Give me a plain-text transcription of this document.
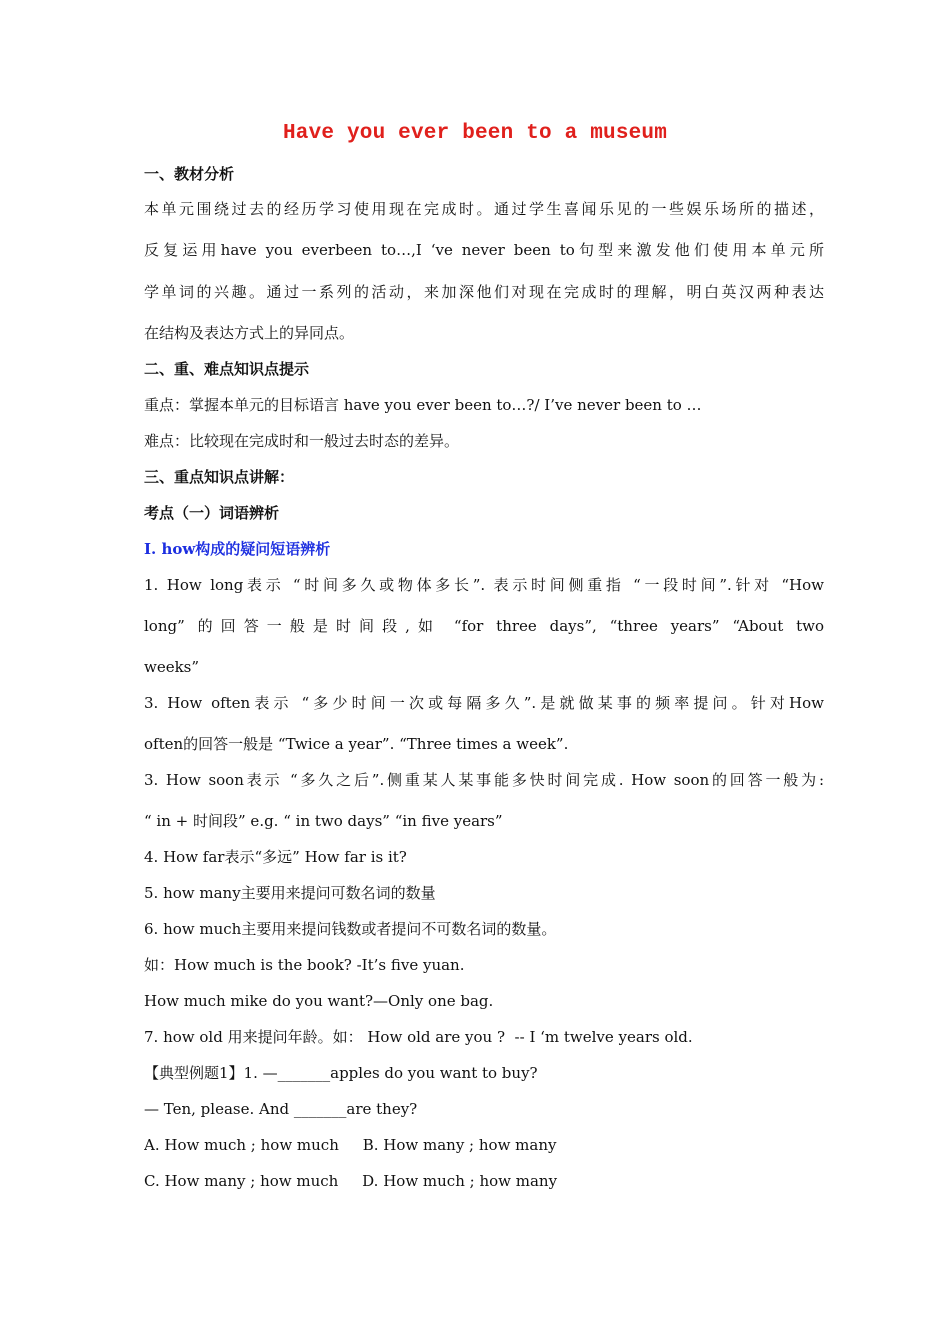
Have you ever been to a museum
一、教材分析
本单元围绕过去的经历学习使用现在完成时。通过学生喜闻乐见的一些娱乐场所的描述，
反复运用have you everbeen to…,I ‘ve never been to句型来激发他们使用本单元所
学单词的兴趣。通过一系列的活动，来加深他们对现在完成时的理解，明白英汉两种表达
在结构及表达方式上的异同点。
二、重、难点知识点提示
重点：掌握本单元的目标语言 have you ever been to…?/ I’ve never been to …
难点：比较现在完成时和一般过去时态的差异。
三、重点知识点讲解：
考点（一）词语辨析
Ⅰ. how构成的疑问短语辨析
1. How long表示 “时间多久或物体多长”. 表示时间侧重指 “一段时间”.针对 “How
long” 的回答一般是时间段,如 “for three days”, “three years” “About two
weeks”
3. How often表示 “多少时间一次或每隔多久”.是就做某事的频率提问。针对How
often的回答一般是 “Twice a year”. “Three times a week”.
3. How soon表示 “多久之后”.侧重某人某事能多快时间完成. How soon的回答一般为:
“ in + 时间段” e.g. “ in two days” “in five years”
4. How far表示“多远” How far is it?
5. how many主要用来提问可数名词的数量
6. how much主要用来提问钱数或者提问不可数名词的数量。
如：How much is the book? -It’s five yuan.
How much mike do you want?—Only one bag.
7. how old 用来提问年龄。如： How old are you ?  -- I ‘m twelve years old.
【典型例题1】1. —_______apples do you want to buy?
— Ten, please. And _______are they?
A. How much ; how much     B. How many ; how many
C. How many ; how much     D. How much ; how many
